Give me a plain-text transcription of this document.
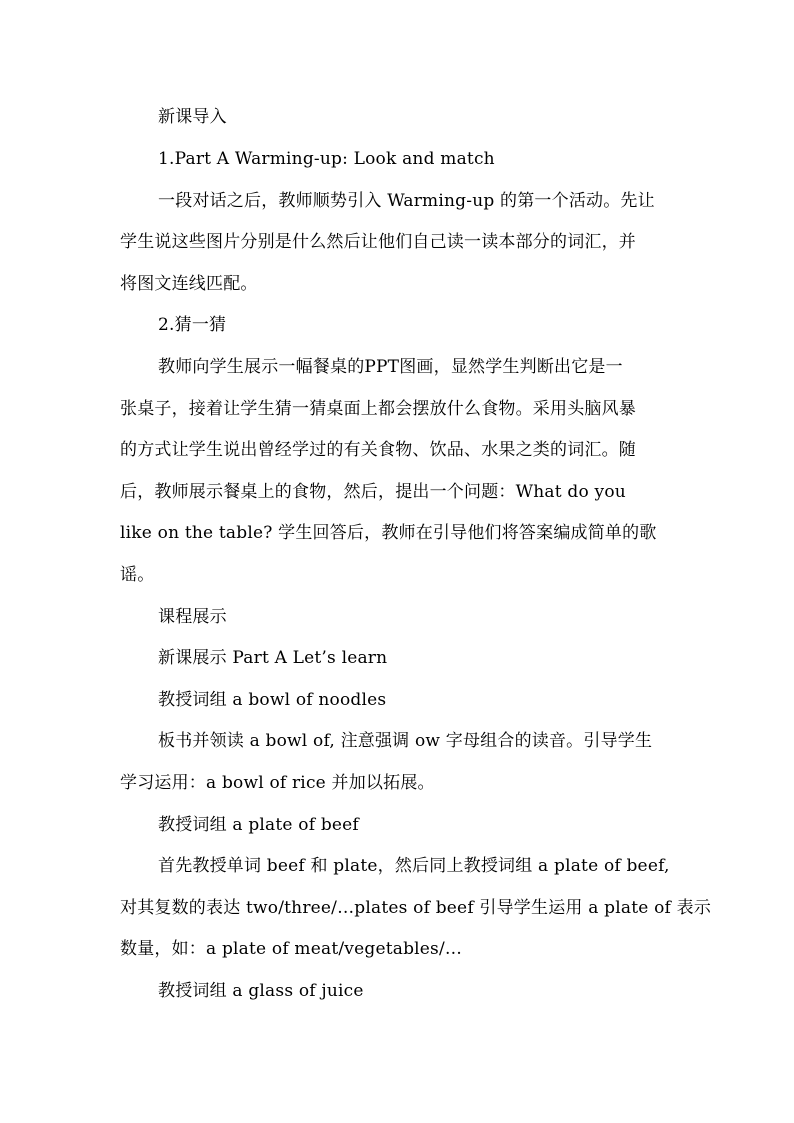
新课导入
1.Part A Warming-up: Look and match
一段对话之后，教师顺势引入 Warming-up 的第一个活动。先让
学生说这些图片分别是什么然后让他们自己读一读本部分的词汇，并
将图文连线匹配。
2.猜一猜
教师向学生展示一幅餐桌的PPT图画，显然学生判断出它是一
张桌子，接着让学生猜一猜桌面上都会摆放什么食物。采用头脑风暴
的方式让学生说出曾经学过的有关食物、饮品、水果之类的词汇。随
后，教师展示餐桌上的食物，然后，提出一个问题：What do you
like on the table? 学生回答后，教师在引导他们将答案编成简单的歌
谣。
课程展示
新课展示 Part A Let’s learn
教授词组 a bowl of noodles
板书并领读 a bowl of, 注意强调 ow 字母组合的读音。引导学生
学习运用：a bowl of rice 并加以拓展。
教授词组 a plate of beef
首先教授单词 beef 和 plate，然后同上教授词组 a plate of beef,
对其复数的表达 two/three/…plates of beef 引导学生运用 a plate of 表示
数量，如：a plate of meat/vegetables/…
教授词组 a glass of juice
